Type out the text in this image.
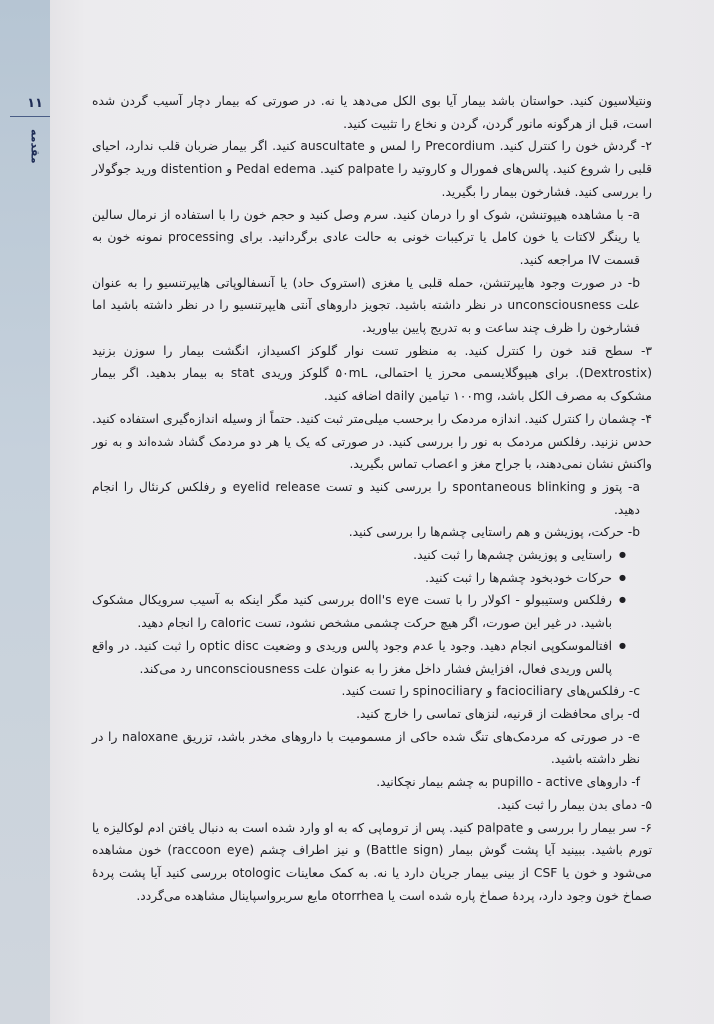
۱۱
مقدمه

ونتیلاسیون کنید. حواستان باشد بیمار آیا بوی الکل می‌دهد یا نه. در صورتی که بیمار دچار آسیب گردن شده است، قبل از هرگونه مانور گردن، گردن و نخاع را تثبیت کنید.

۲- گردش خون را کنترل کنید. Precordium را لمس و auscultate کنید. اگر بیمار ضربان قلب ندارد، احیای قلبی را شروع کنید. پالس‌های فمورال و کاروتید را palpate کنید. Pedal edema و distention ورید جوگولار را بررسی کنید. فشارخون بیمار را بگیرید.

a- با مشاهده هیپوتنشن، شوک او را درمان کنید. سرم وصل کنید و حجم خون را با استفاده از نرمال سالین یا رینگر لاکتات یا خون کامل یا ترکیبات خونی به حالت عادی برگردانید. برای processing نمونه خون به قسمت IV مراجعه کنید.

b- در صورت وجود هایپرتنشن، حمله قلبی یا مغزی (استروک حاد) یا آنسفالوپاتی هایپرتنسیو را به عنوان علت unconsciousness در نظر داشته باشید. تجویز داروهای آنتی هایپرتنسیو را در نظر داشته باشید اما فشارخون را ظرف چند ساعت و به تدریج پایین بیاورید.

۳- سطح قند خون را کنترل کنید. به منظور تست نوار گلوکز اکسیداز، انگشت بیمار را سوزن بزنید (Dextrostix). برای هیپوگلایسمی محرز یا احتمالی، ۵۰mL گلوکز وریدی stat به بیمار بدهید. اگر بیمار مشکوک به مصرف الکل باشد، ۱۰۰mg تیامین daily اضافه کنید.

۴- چشمان را کنترل کنید. اندازه مردمک را برحسب میلی‌متر ثبت کنید. حتماً از وسیله اندازه‌گیری استفاده کنید. حدس نزنید. رفلکس مردمک به نور را بررسی کنید. در صورتی که یک یا هر دو مردمک گشاد شده‌اند و به نور واکنش نشان نمی‌دهند، با جراح مغز و اعصاب تماس بگیرید.

a- پتوز و spontaneous blinking را بررسی کنید و تست eyelid release و رفلکس کرنئال را انجام دهید.

b- حرکت، پوزیشن و هم راستایی چشم‌ها را بررسی کنید.

● راستایی و پوزیشن چشم‌ها را ثبت کنید.
● حرکات خودبخود چشم‌ها را ثبت کنید.
● رفلکس وستیبولو - اکولار را با تست doll's eye بررسی کنید مگر اینکه به آسیب سرویکال مشکوک باشید. در غیر این صورت، اگر هیچ حرکت چشمی مشخص نشود، تست caloric را انجام دهید.
● افتالموسکوپی انجام دهید. وجود یا عدم وجود پالس وریدی و وضعیت optic disc را ثبت کنید. در واقع پالس وریدی فعال، افزایش فشار داخل مغز را به عنوان علت unconsciousness رد می‌کند.

c- رفلکس‌های faciociliary و spinociliary را تست کنید.

d- برای محافظت از قرنیه، لنزهای تماسی را خارج کنید.

e- در صورتی که مردمک‌های تنگ شده حاکی از مسمومیت با داروهای مخدر باشد، تزریق naloxane را در نظر داشته باشید.

f- داروهای pupillo - active به چشم بیمار نچکانید.

۵- دمای بدن بیمار را ثبت کنید.

۶- سر بیمار را بررسی و palpate کنید. پس از تروماپی که به او وارد شده است به دنبال یافتن ادم لوکالیزه یا تورم باشید. ببینید آیا پشت گوش بیمار (Battle sign) و نیز اطراف چشم (raccoon eye) خون مشاهده می‌شود و خون یا CSF از بینی بیمار جریان دارد یا نه. به کمک معاینات otologic بررسی کنید آیا پشت پردهٔ صماخ خون وجود دارد، پردهٔ صماخ پاره شده است یا otorrhea مایع سربرواسپاینال مشاهده می‌گردد.
